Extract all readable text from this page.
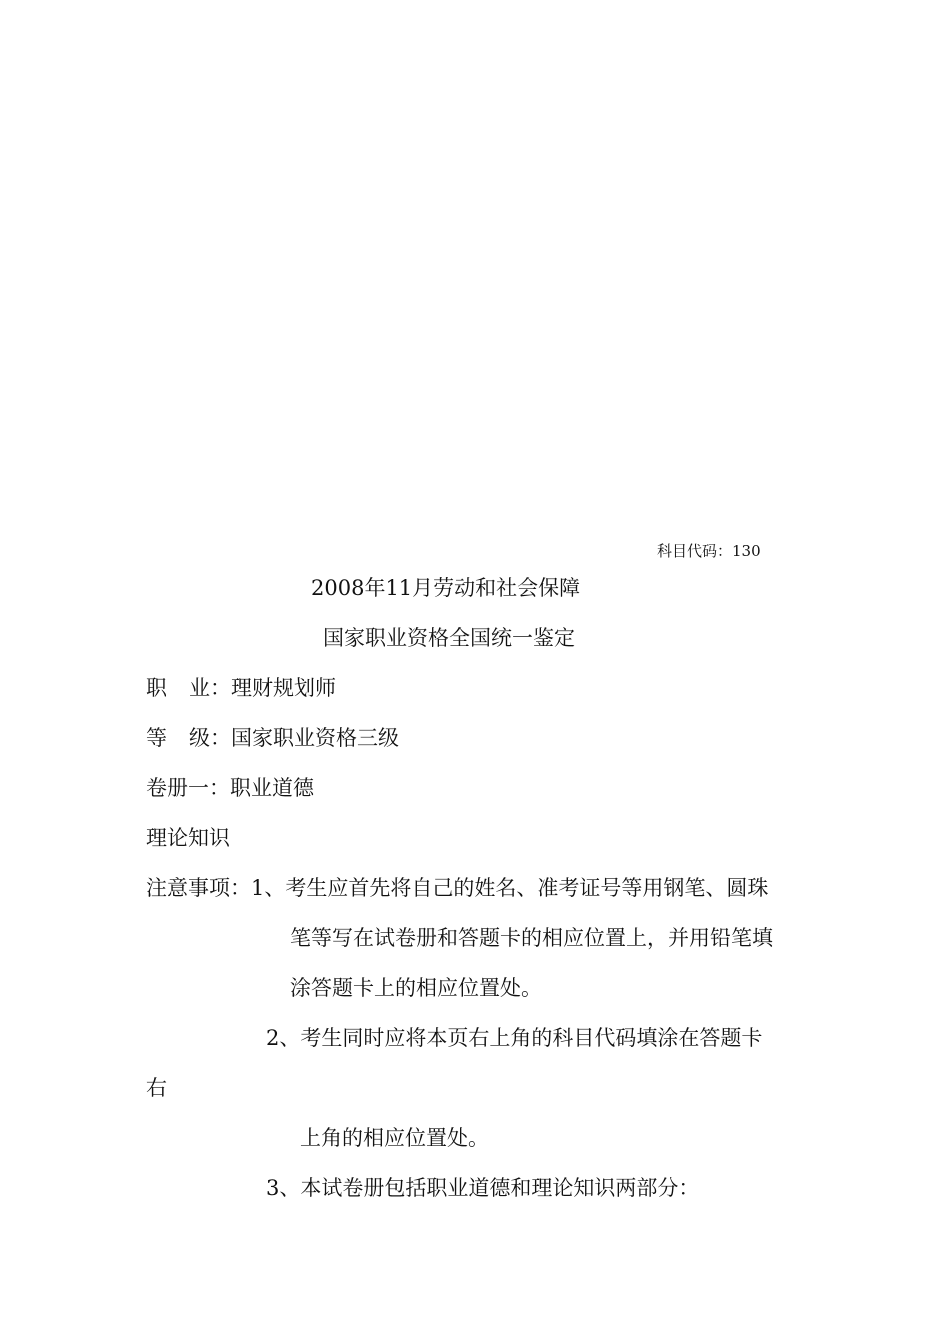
科目代码：130
2008年11月劳动和社会保障
国家职业资格全国统一鉴定
职 业：理财规划师
等 级：国家职业资格三级
卷册一：职业道德
理论知识
注意事项：1、考生应首先将自己的姓名、准考证号等用钢笔、圆珠
笔等写在试卷册和答题卡的相应位置上，并用铅笔填
涂答题卡上的相应位置处。
2、考生同时应将本页右上角的科目代码填涂在答题卡
右
上角的相应位置处。
3、本试卷册包括职业道德和理论知识两部分：
